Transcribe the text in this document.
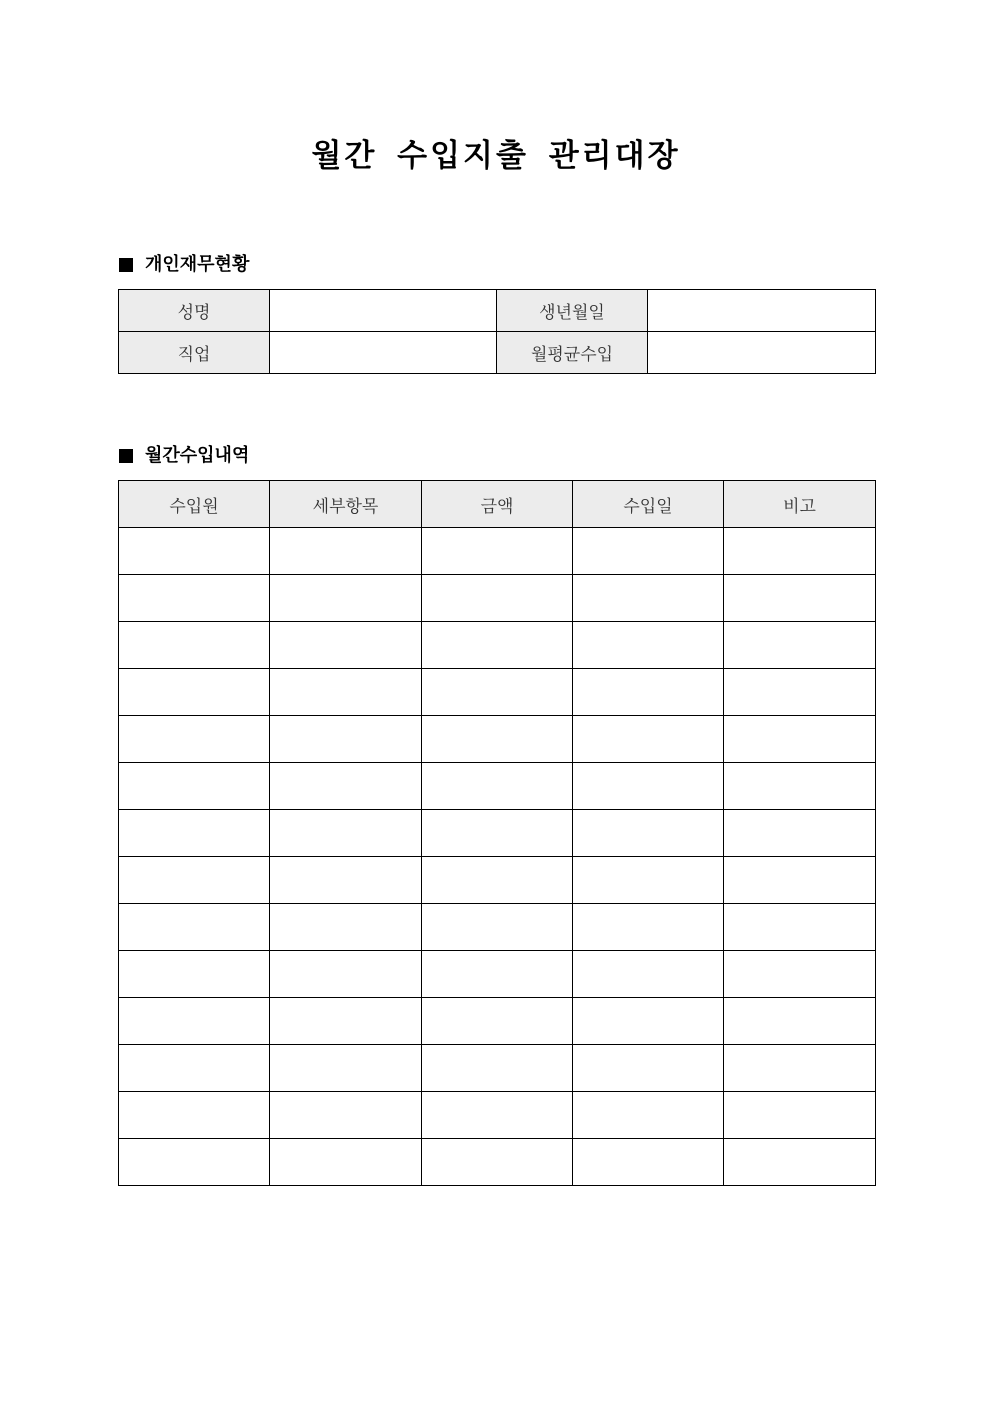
월간 수입지출 관리대장
개인재무현황
성명		생년월일	
직업		월평균수입	
월간수입내역
수입원	세부항목	금액	수입일	비고
